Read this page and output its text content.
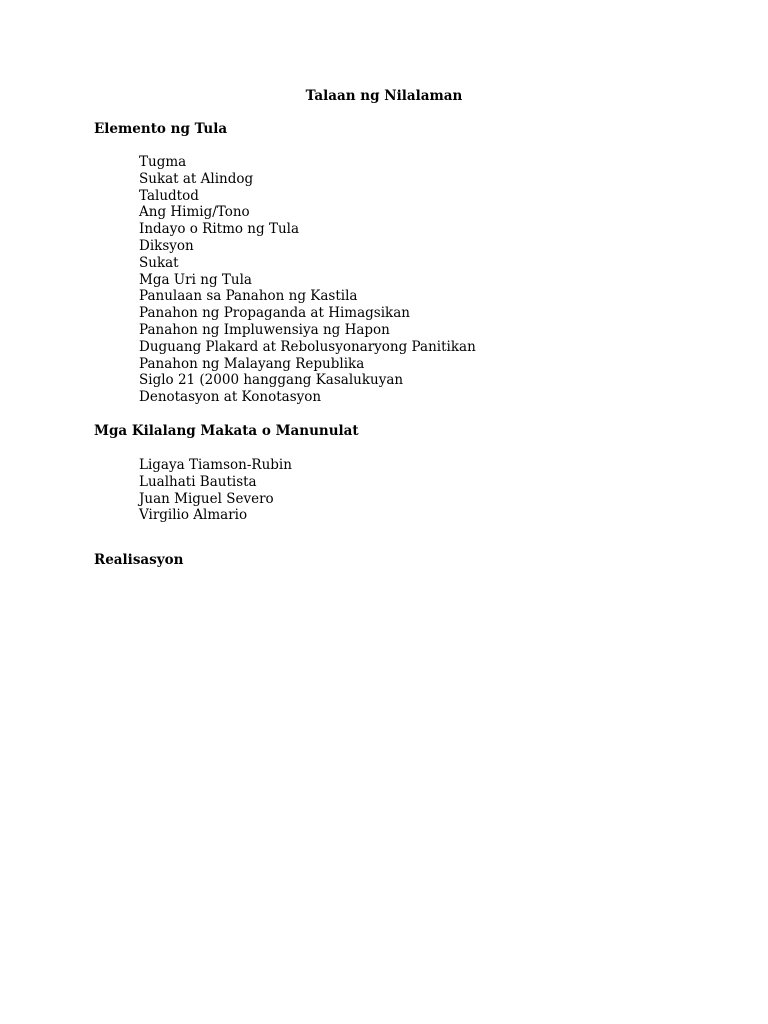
Talaan ng Nilalaman
Elemento ng Tula
Tugma
Sukat at Alindog
Taludtod
Ang Himig/Tono
Indayo o Ritmo ng Tula
Diksyon
Sukat
Mga Uri ng Tula
Panulaan sa Panahon ng Kastila
Panahon ng Propaganda at Himagsikan
Panahon ng Impluwensiya ng Hapon
Duguang Plakard at Rebolusyonaryong Panitikan
Panahon ng Malayang Republika
Siglo 21 (2000 hanggang Kasalukuyan
Denotasyon at Konotasyon
Mga Kilalang Makata o Manunulat
Ligaya Tiamson-Rubin
Lualhati Bautista
Juan Miguel Severo
Virgilio Almario
Realisasyon
